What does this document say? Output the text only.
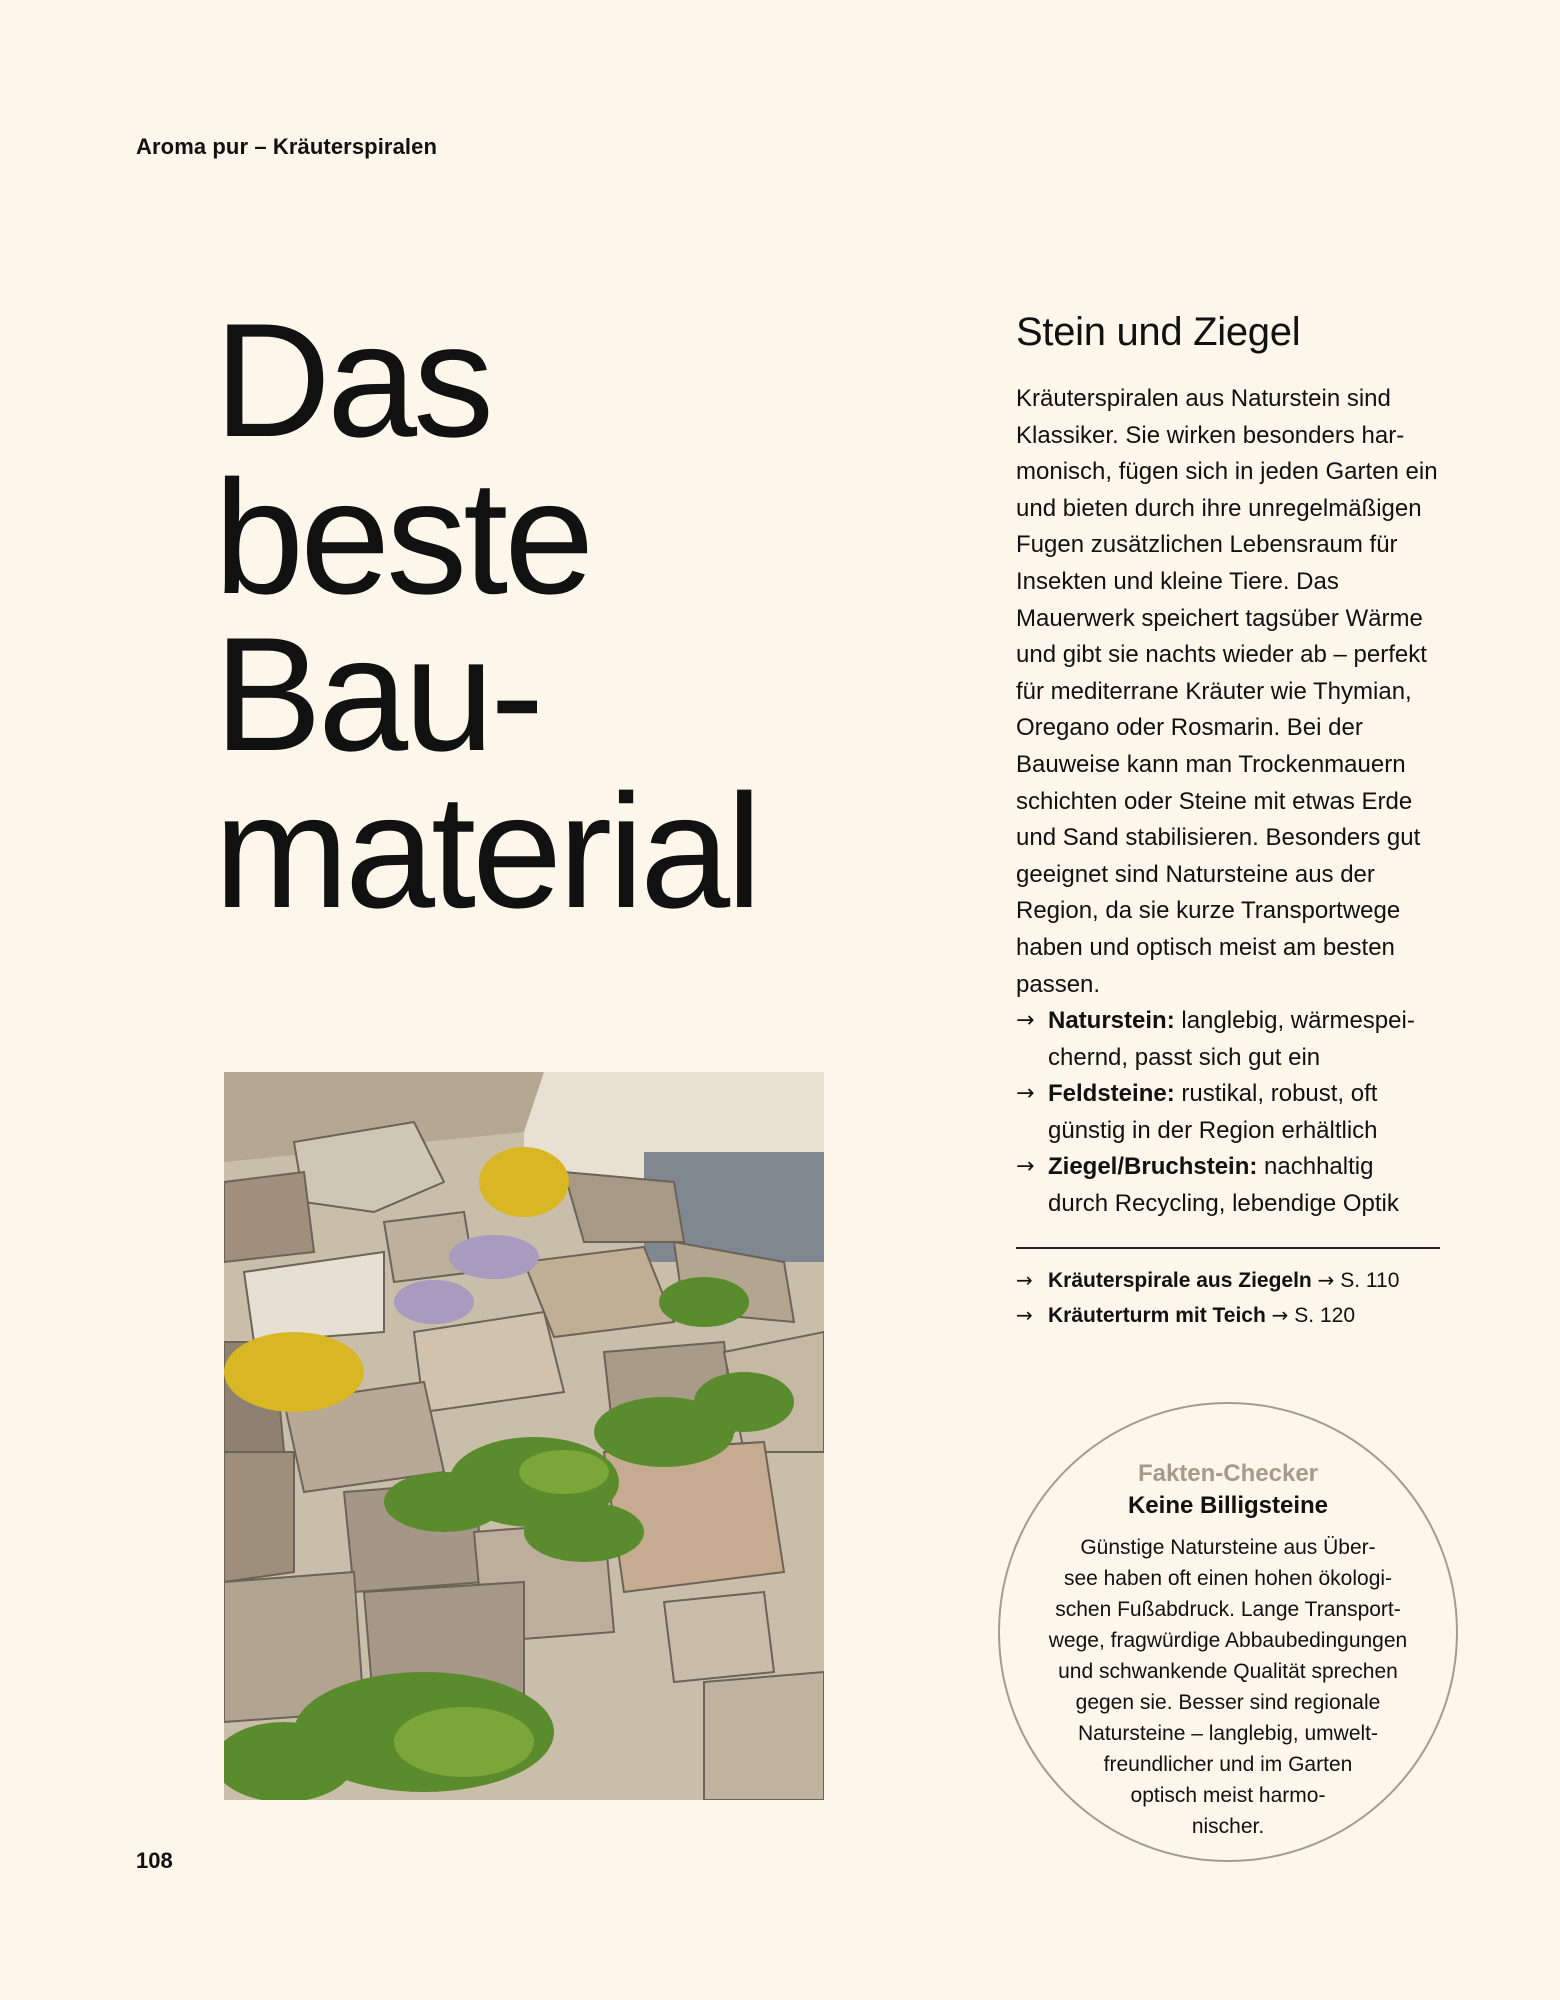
Aroma pur – Kräuterspiralen
Das
beste
Bau-
material
108
Stein und Ziegel

Kräuterspiralen aus Naturstein sind Klassiker. Sie wirken besonders harmonisch, fügen sich in jeden Garten ein und bieten durch ihre unregelmäßigen Fugen zusätzlichen Lebensraum für Insekten und kleine Tiere. Das Mauerwerk speichert tagsüber Wärme und gibt sie nachts wieder ab – perfekt für mediterrane Kräuter wie Thymian, Oregano oder Rosmarin. Bei der Bauweise kann man Trockenmauern schichten oder Steine mit etwas Erde und Sand stabilisieren. Besonders gut geeignet sind Natursteine aus der Region, da sie kurze Transportwege haben und optisch meist am besten passen.

→ Naturstein: langlebig, wärmespeichernd, passt sich gut ein
→ Feldsteine: rustikal, robust, oft günstig in der Region erhältlich
→ Ziegel/Bruchstein: nachhaltig durch Recycling, lebendige Optik
→ Kräuterspirale aus Ziegeln → S. 110
→ Kräuterturm mit Teich → S. 120
Fakten-Checker
Keine Billigsteine

Günstige Natursteine aus Über-
see haben oft einen hohen ökologi-
schen Fußabdruck. Lange Transport-
wege, fragwürdige Abbaubedingungen
und schwankende Qualität sprechen
gegen sie. Besser sind regionale
Natursteine – langlebig, umwelt-
freundlicher und im Garten
optisch meist harmo-
nischer.
